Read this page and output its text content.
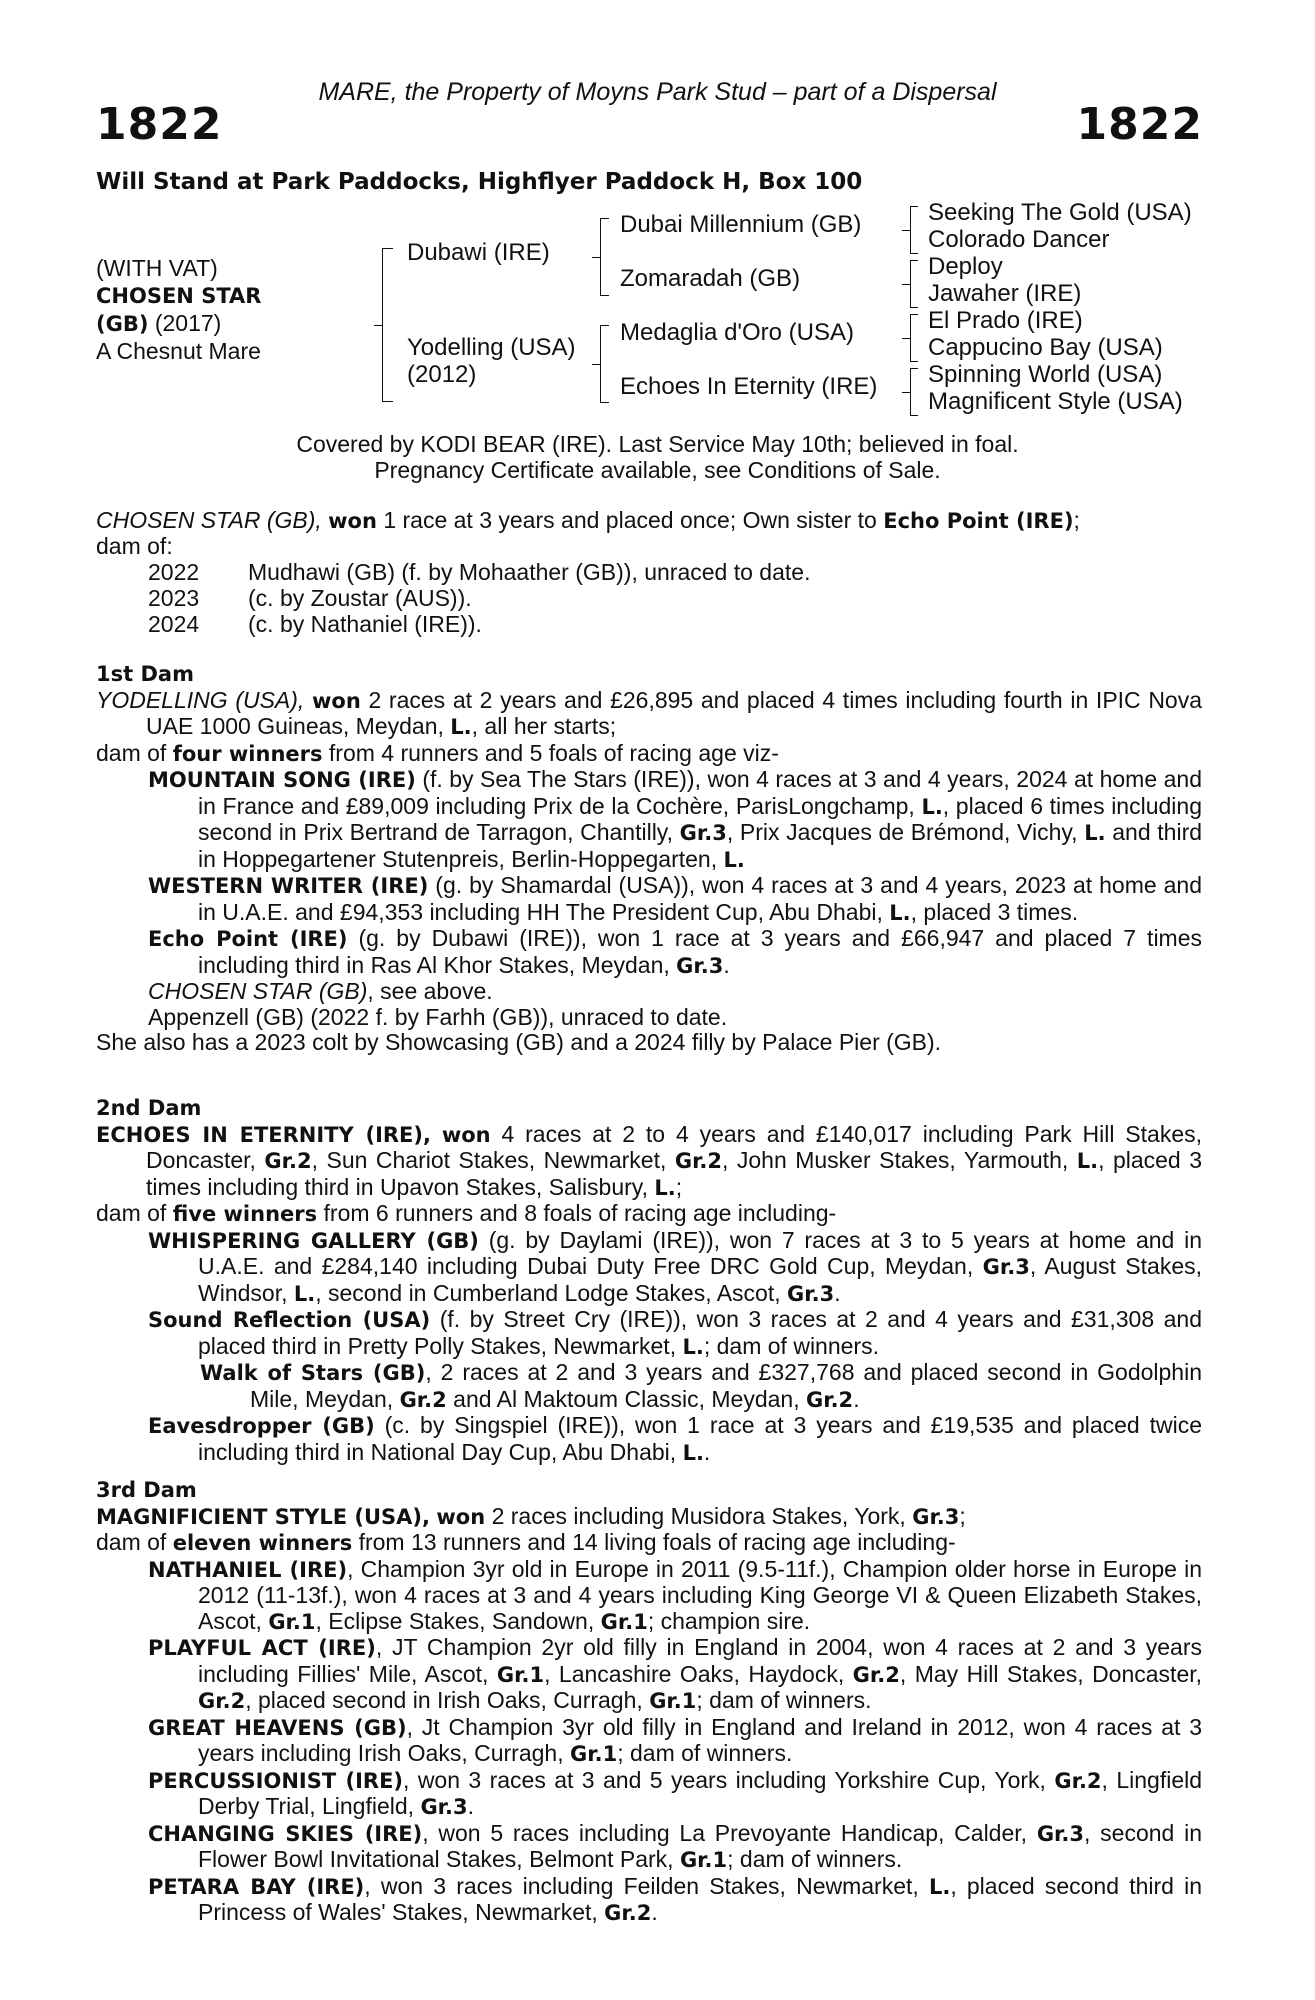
MARE, the Property of Moyns Park Stud – part of a Dispersal
1822	1822
Will Stand at Park Paddocks, Highflyer Paddock H, Box 100
(WITH VAT)
CHOSEN STAR
(GB) (2017)
A Chesnut Mare
Dubawi (IRE)
Yodelling (USA)
(2012)
Dubai Millennium (GB)
Zomaradah (GB)
Medaglia d'Oro (USA)
Echoes In Eternity (IRE)
Seeking The Gold (USA)
Colorado Dancer
Deploy
Jawaher (IRE)
El Prado (IRE)
Cappucino Bay (USA)
Spinning World (USA)
Magnificent Style (USA)
Covered by KODI BEAR (IRE). Last Service May 10th; believed in foal.
Pregnancy Certificate available, see Conditions of Sale.
CHOSEN STAR (GB), won 1 race at 3 years and placed once; Own sister to Echo Point (IRE);
dam of:
2022 Mudhawi (GB) (f. by Mohaather (GB)), unraced to date.
2023 (c. by Zoustar (AUS)).
2024 (c. by Nathaniel (IRE)).
1st Dam
YODELLING (USA), won 2 races at 2 years and £26,895 and placed 4 times including fourth in IPIC Nova UAE 1000 Guineas, Meydan, L., all her starts;
dam of four winners from 4 runners and 5 foals of racing age viz-
MOUNTAIN SONG (IRE) (f. by Sea The Stars (IRE)), won 4 races at 3 and 4 years, 2024 at home and in France and £89,009 including Prix de la Cochère, ParisLongchamp, L., placed 6 times including second in Prix Bertrand de Tarragon, Chantilly, Gr.3, Prix Jacques de Brémond, Vichy, L. and third in Hoppegartener Stutenpreis, Berlin-Hoppegarten, L.
WESTERN WRITER (IRE) (g. by Shamardal (USA)), won 4 races at 3 and 4 years, 2023 at home and in U.A.E. and £94,353 including HH The President Cup, Abu Dhabi, L., placed 3 times.
Echo Point (IRE) (g. by Dubawi (IRE)), won 1 race at 3 years and £66,947 and placed 7 times including third in Ras Al Khor Stakes, Meydan, Gr.3.
CHOSEN STAR (GB), see above.
Appenzell (GB) (2022 f. by Farhh (GB)), unraced to date.
She also has a 2023 colt by Showcasing (GB) and a 2024 filly by Palace Pier (GB).
2nd Dam
ECHOES IN ETERNITY (IRE), won 4 races at 2 to 4 years and £140,017 including Park Hill Stakes, Doncaster, Gr.2, Sun Chariot Stakes, Newmarket, Gr.2, John Musker Stakes, Yarmouth, L., placed 3 times including third in Upavon Stakes, Salisbury, L.;
dam of five winners from 6 runners and 8 foals of racing age including-
WHISPERING GALLERY (GB) (g. by Daylami (IRE)), won 7 races at 3 to 5 years at home and in U.A.E. and £284,140 including Dubai Duty Free DRC Gold Cup, Meydan, Gr.3, August Stakes, Windsor, L., second in Cumberland Lodge Stakes, Ascot, Gr.3.
Sound Reflection (USA) (f. by Street Cry (IRE)), won 3 races at 2 and 4 years and £31,308 and placed third in Pretty Polly Stakes, Newmarket, L.; dam of winners.
Walk of Stars (GB), 2 races at 2 and 3 years and £327,768 and placed second in Godolphin Mile, Meydan, Gr.2 and Al Maktoum Classic, Meydan, Gr.2.
Eavesdropper (GB) (c. by Singspiel (IRE)), won 1 race at 3 years and £19,535 and placed twice including third in National Day Cup, Abu Dhabi, L..
3rd Dam
MAGNIFICIENT STYLE (USA), won 2 races including Musidora Stakes, York, Gr.3;
dam of eleven winners from 13 runners and 14 living foals of racing age including-
NATHANIEL (IRE), Champion 3yr old in Europe in 2011 (9.5-11f.), Champion older horse in Europe in 2012 (11-13f.), won 4 races at 3 and 4 years including King George VI & Queen Elizabeth Stakes, Ascot, Gr.1, Eclipse Stakes, Sandown, Gr.1; champion sire.
PLAYFUL ACT (IRE), JT Champion 2yr old filly in England in 2004, won 4 races at 2 and 3 years including Fillies' Mile, Ascot, Gr.1, Lancashire Oaks, Haydock, Gr.2, May Hill Stakes, Doncaster, Gr.2, placed second in Irish Oaks, Curragh, Gr.1; dam of winners.
GREAT HEAVENS (GB), Jt Champion 3yr old filly in England and Ireland in 2012, won 4 races at 3 years including Irish Oaks, Curragh, Gr.1; dam of winners.
PERCUSSIONIST (IRE), won 3 races at 3 and 5 years including Yorkshire Cup, York, Gr.2, Lingfield Derby Trial, Lingfield, Gr.3.
CHANGING SKIES (IRE), won 5 races including La Prevoyante Handicap, Calder, Gr.3, second in Flower Bowl Invitational Stakes, Belmont Park, Gr.1; dam of winners.
PETARA BAY (IRE), won 3 races including Feilden Stakes, Newmarket, L., placed second third in Princess of Wales' Stakes, Newmarket, Gr.2.
